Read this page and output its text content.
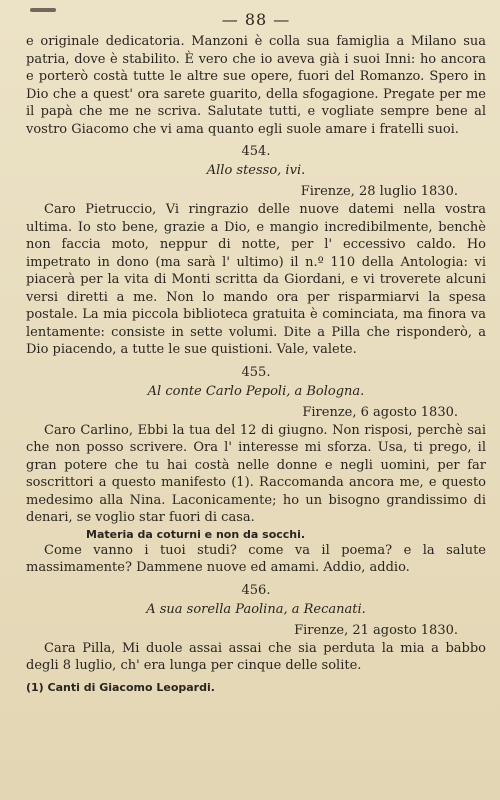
— 88 —

e originale dedicatoria. Manzoni è colla sua famiglia a Milano sua patria, dove è stabilito. È vero che io aveva già i suoi Inni: ho ancora e porterò costà tutte le altre sue opere, fuori del Romanzo. Spero in Dio che a quest' ora sarete guarito, della sfogagione. Pregate per me il papà che me ne scriva. Salutate tutti, e vogliate sempre bene al vostro Giacomo che vi ama quanto egli suole amare i fratelli suoi.

454.
Allo stesso, ivi.
Firenze, 28 luglio 1830.

Caro Pietruccio, Vi ringrazio delle nuove datemi nella vostra ultima. Io sto bene, grazie a Dio, e mangio incredibilmente, benchè non faccia moto, neppur di notte, per l' eccessivo caldo. Ho impetrato in dono (ma sarà l' ultimo) il n.º 110 della Antologia: vi piacerà per la vita di Monti scritta da Giordani, e vi troverete alcuni versi diretti a me. Non lo mando ora per risparmiarvi la spesa postale. La mia piccola biblioteca gratuita è cominciata, ma finora va lentamente: consiste in sette volumi. Dite a Pilla che risponderò, a Dio piacendo, a tutte le sue quistioni. Vale, valete.

455.
Al conte Carlo Pepoli, a Bologna.
Firenze, 6 agosto 1830.

Caro Carlino, Ebbi la tua del 12 di giugno. Non risposi, perchè sai che non posso scrivere. Ora l' interesse mi sforza. Usa, ti prego, il gran potere che tu hai costà nelle donne e negli uomini, per far soscrittori a questo manifesto (1). Raccomanda ancora me, e questo medesimo alla Nina. Laconicamente; ho un bisogno grandissimo di denari, se voglio star fuori di casa.

Materia da coturni e non da socchi.

Come vanno i tuoi studi? come va il poema? e la salute massimamente? Dammene nuove ed amami. Addio, addio.

456.
A sua sorella Paolina, a Recanati.
Firenze, 21 agosto 1830.

Cara Pilla, Mi duole assai assai che sia perduta la mia a babbo degli 8 luglio, ch' era lunga per cinque delle solite.

(1) Canti di Giacomo Leopardi.
